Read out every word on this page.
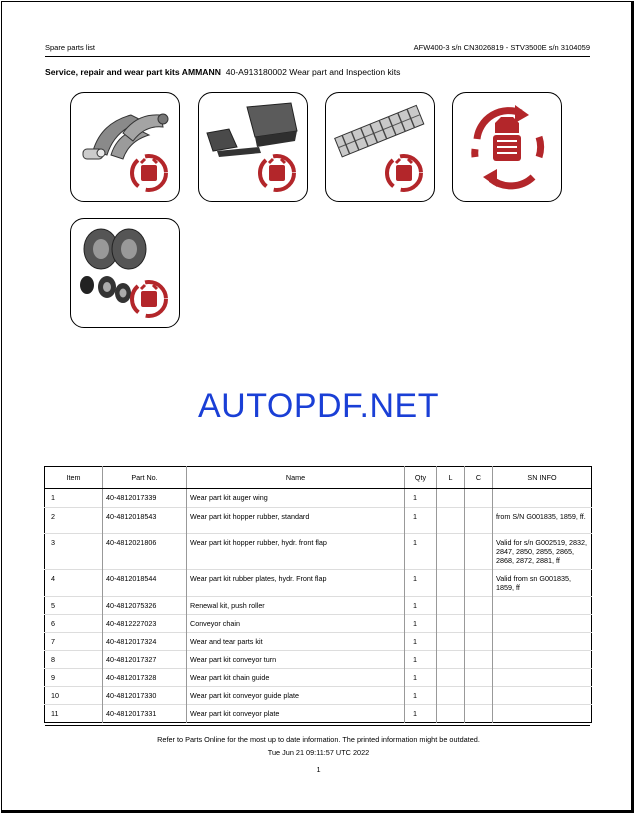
Spare parts list	AFW400-3 s/n CN3026819 - STV3500E s/n 3104059
Service, repair and wear part kits AMMANN 40-A913180002 Wear part and Inspection kits
AUTOPDF.NET
Item	Part No.	Name	Qty	L	C	SN INFO
1	40-4812017339	Wear part kit auger wing	1			
2	40-4812018543	Wear part kit hopper rubber, standard	1			from S/N G001835, 1859, ff.
3	40-4812021806	Wear part kit hopper rubber, hydr. front flap	1			Valid for s/n G002519, 2832, 2847, 2850, 2855, 2865, 2868, 2872, 2881, ff
4	40-4812018544	Wear part kit rubber plates, hydr. Front flap	1			Valid from sn G001835, 1859, ff
5	40-4812075326	Renewal kit, push roller	1			
6	40-4812227023	Conveyor chain	1			
7	40-4812017324	Wear and tear parts kit	1			
8	40-4812017327	Wear part kit conveyor turn	1			
9	40-4812017328	Wear part kit chain guide	1			
10	40-4812017330	Wear part kit conveyor guide plate	1			
11	40-4812017331	Wear part kit conveyor plate	1			
Refer to Parts Online for the most up to date information. The printed information might be outdated.
Tue Jun 21 09:11:57 UTC 2022
1
